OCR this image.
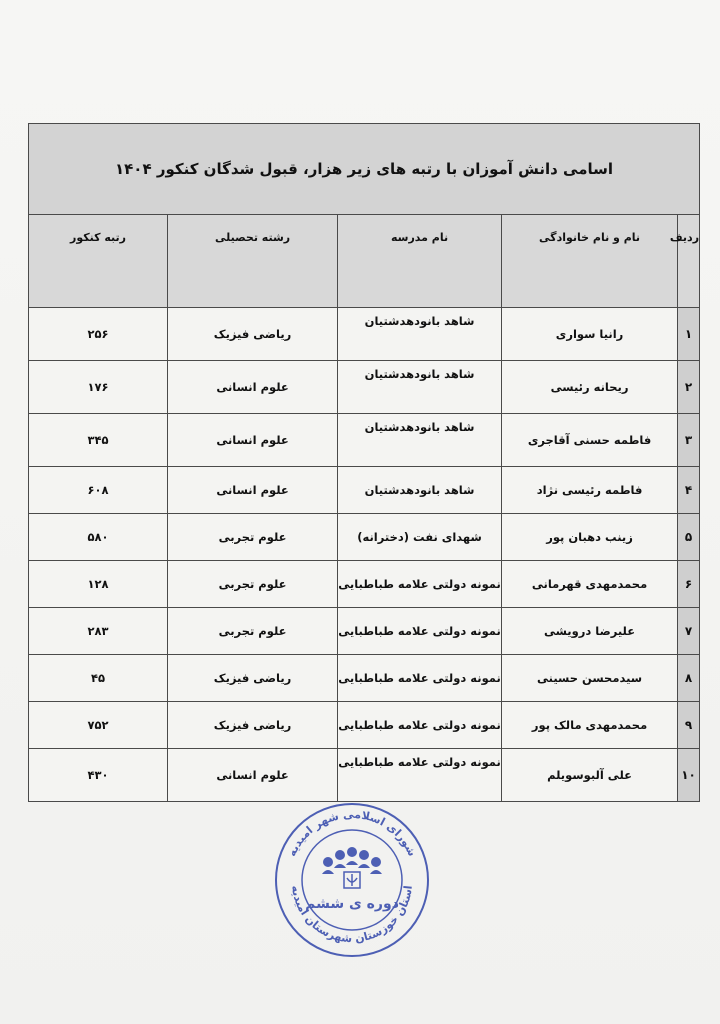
اسامی دانش آموزان با رتبه های زیر هزار، قبول شدگان کنکور ۱۴۰۴				
ردیف	نام و نام خانوادگی	نام مدرسه	رشته تحصیلی	رتبه کنکور
۱	رانیا سواری	شاهد بانودهدشتیان	ریاضی فیزیک	۲۵۶
۲	ریحانه رئیسی	شاهد بانودهدشتیان	علوم انسانی	۱۷۶
۳	فاطمه حسنی آقاجری	شاهد بانودهدشتیان	علوم انسانی	۳۴۵
۴	فاطمه رئیسی نژاد	شاهد بانودهدشتیان	علوم انسانی	۶۰۸
۵	زینب دهبان پور	شهدای نفت (دخترانه)	علوم تجربی	۵۸۰
۶	محمدمهدی قهرمانی	نمونه دولتی علامه طباطبایی	علوم تجربی	۱۲۸
۷	علیرضا درویشی	نمونه دولتی علامه طباطبایی	علوم تجربی	۲۸۳
۸	سیدمحسن حسینی	نمونه دولتی علامه طباطبایی	ریاضی فیزیک	۴۵
۹	محمدمهدی مالک پور	نمونه دولتی علامه طباطبایی	ریاضی فیزیک	۷۵۲
۱۰	علی آلبوسویلم	نمونه دولتی علامه طباطبایی	علوم انسانی	۴۳۰
شورای اسلامی شهر امیدیه
استان خوزستان شهرستان امیدیه
دوره ی ششم
